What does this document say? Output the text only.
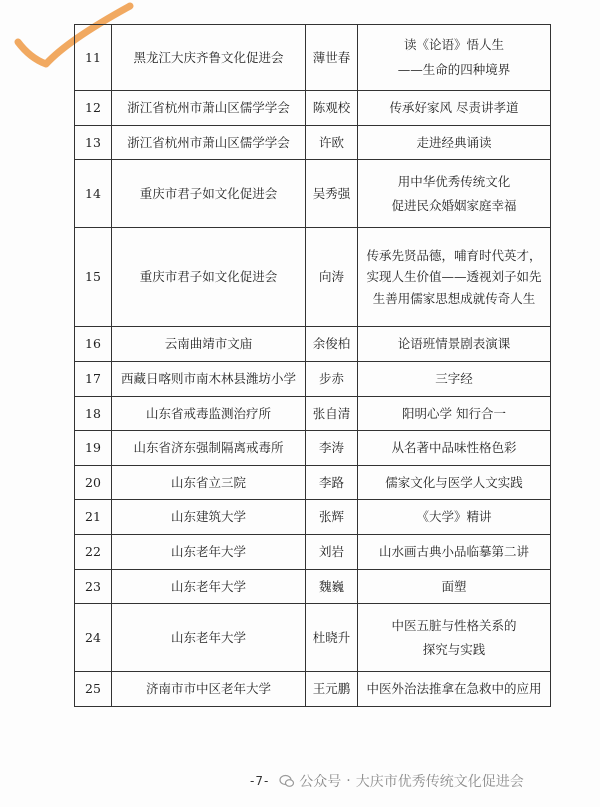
11	黑龙江大庆齐鲁文化促进会	薄世春	读《论语》悟人生
——生命的四种境界

12	浙江省杭州市萧山区儒学学会	陈观校	传承好家风 尽责讲孝道

13	浙江省杭州市萧山区儒学学会	许欧	走进经典诵读

14	重庆市君子如文化促进会	吴秀强	用中华优秀传统文化
促进民众婚姻家庭幸福

15	重庆市君子如文化促进会	向涛	传承先贤品德，哺育时代英才，
实现人生价值——透视刘子如先
生善用儒家思想成就传奇人生

16	云南曲靖市文庙	余俊柏	论语班情景剧表演课

17	西藏日喀则市南木林县潍坊小学	步赤	三字经

18	山东省戒毒监测治疗所	张自清	阳明心学 知行合一

19	山东省济东强制隔离戒毒所	李涛	从名著中品味性格色彩

20	山东省立三院	李路	儒家文化与医学人文实践

21	山东建筑大学	张辉	《大学》精讲

22	山东老年大学	刘岩	山水画古典小品临摹第二讲

23	山东老年大学	魏巍	面塑

24	山东老年大学	杜晓升	中医五脏与性格关系的
探究与实践

25	济南市市中区老年大学	王元鹏	中医外治法推拿在急救中的应用
-7- 公众号 · 大庆市优秀传统文化促进会
